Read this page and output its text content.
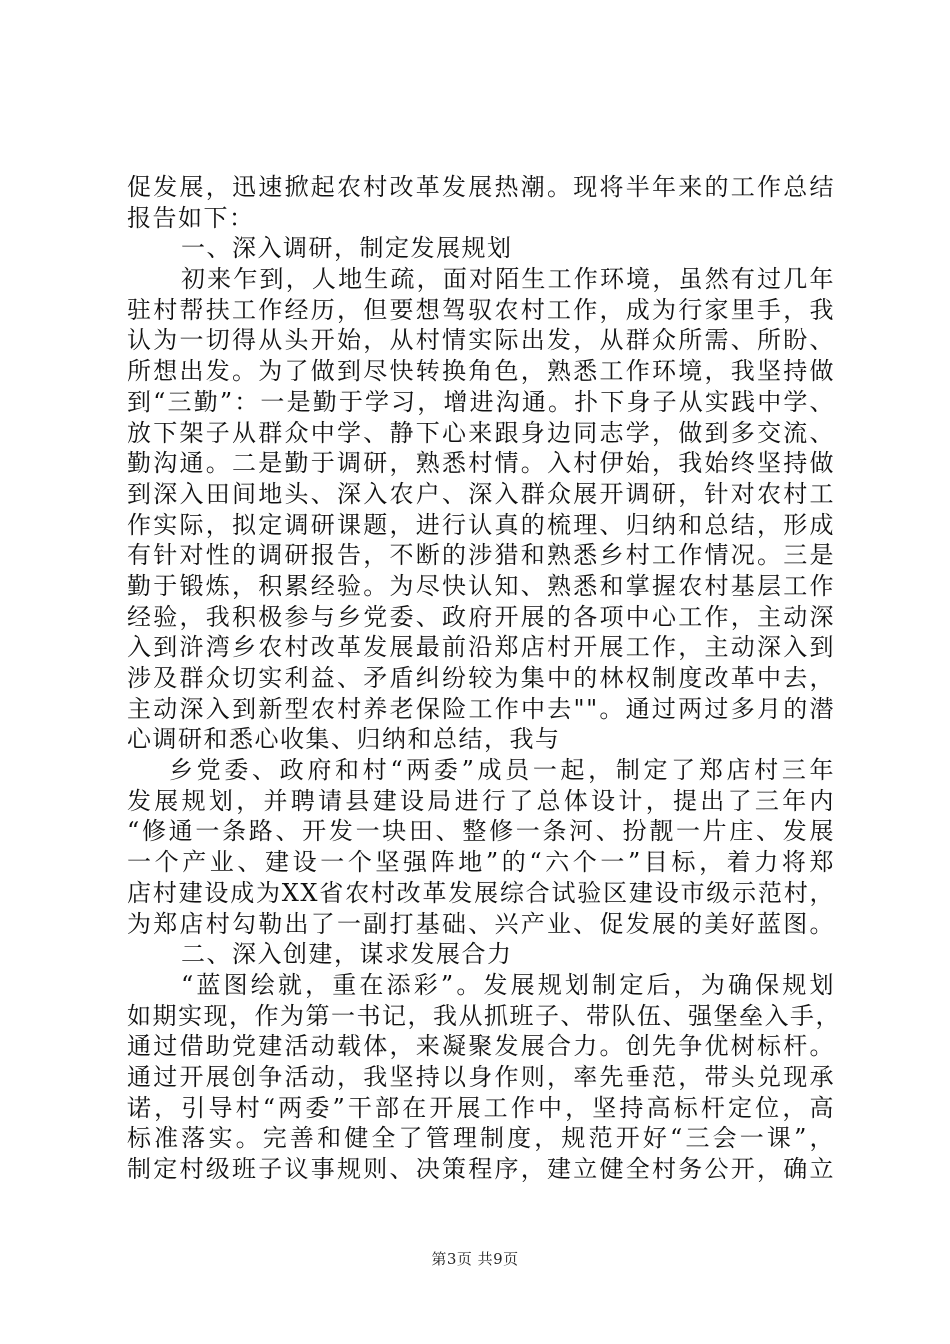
促发展，迅速掀起农村改革发展热潮。现将半年来的工作总结
报告如下：
一、深入调研，制定发展规划
初来乍到，人地生疏，面对陌生工作环境，虽然有过几年
驻村帮扶工作经历，但要想驾驭农村工作，成为行家里手，我
认为一切得从头开始，从村情实际出发，从群众所需、所盼、
所想出发。为了做到尽快转换角色，熟悉工作环境，我坚持做
到“三勤”：一是勤于学习，增进沟通。扑下身子从实践中学、
放下架子从群众中学、静下心来跟身边同志学，做到多交流、
勤沟通。二是勤于调研，熟悉村情。入村伊始，我始终坚持做
到深入田间地头、深入农户、深入群众展开调研，针对农村工
作实际，拟定调研课题，进行认真的梳理、归纳和总结，形成
有针对性的调研报告，不断的涉猎和熟悉乡村工作情况。三是
勤于锻炼，积累经验。为尽快认知、熟悉和掌握农村基层工作
经验，我积极参与乡党委、政府开展的各项中心工作，主动深
入到浒湾乡农村改革发展最前沿郑店村开展工作，主动深入到
涉及群众切实利益、矛盾纠纷较为集中的林权制度改革中去，
主动深入到新型农村养老保险工作中去""。通过两过多月的潜
心调研和悉心收集、归纳和总结，我与
乡党委、政府和村“两委”成员一起，制定了郑店村三年
发展规划，并聘请县建设局进行了总体设计，提出了三年内
“修通一条路、开发一块田、整修一条河、扮靓一片庄、发展
一个产业、建设一个坚强阵地”的“六个一”目标，着力将郑
店村建设成为XX省农村改革发展综合试验区建设市级示范村，
为郑店村勾勒出了一副打基础、兴产业、促发展的美好蓝图。
二、深入创建，谋求发展合力
“蓝图绘就，重在添彩”。发展规划制定后，为确保规划
如期实现，作为第一书记，我从抓班子、带队伍、强堡垒入手，
通过借助党建活动载体，来凝聚发展合力。创先争优树标杆。
通过开展创争活动，我坚持以身作则，率先垂范，带头兑现承
诺，引导村“两委”干部在开展工作中，坚持高标杆定位，高
标准落实。完善和健全了管理制度，规范开好“三会一课”，
制定村级班子议事规则、决策程序，建立健全村务公开，确立
第3页 共9页
